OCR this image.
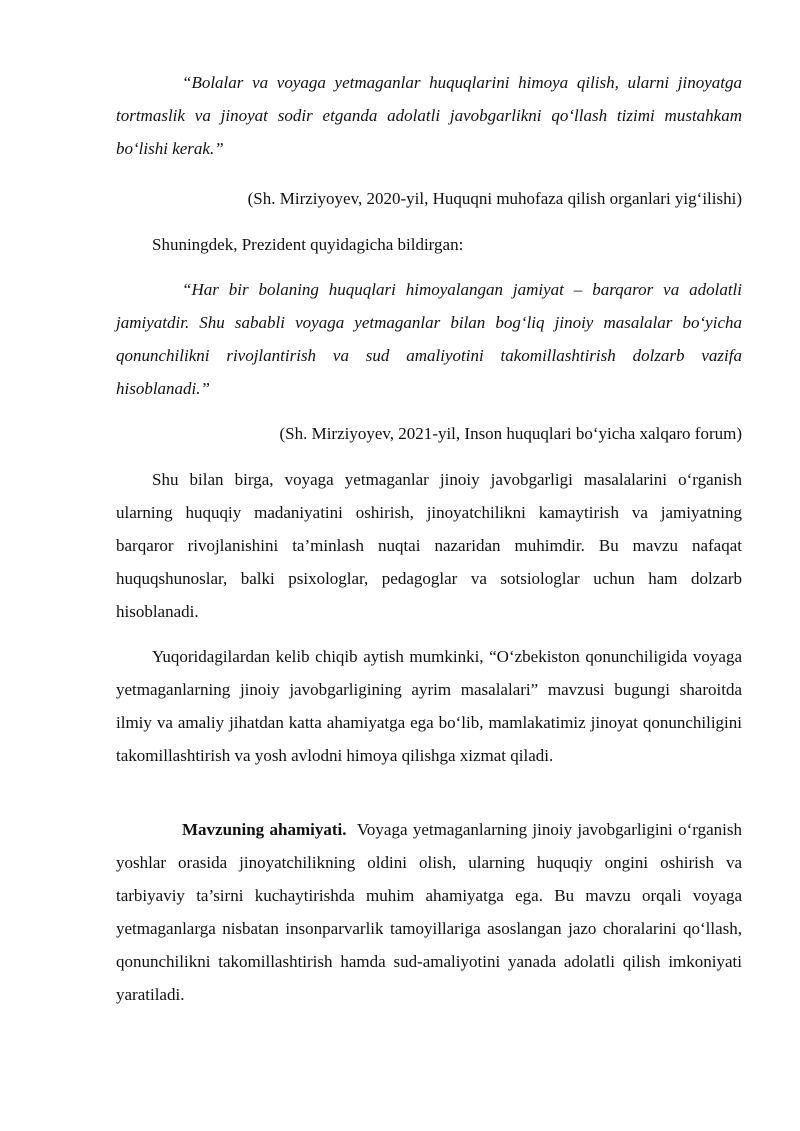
“Bolalar va voyaga yetmaganlar huquqlarini himoya qilish, ularni jinoyatga tortmaslik va jinoyat sodir etganda adolatli javobgarlikni qo‘llash tizimi mustahkam bo‘lishi kerak.”

(Sh. Mirziyoyev, 2020-yil, Huquqni muhofaza qilish organlari yig‘ilishi)

Shuningdek, Prezident quyidagicha bildirgan:

“Har bir bolaning huquqlari himoyalangan jamiyat – barqaror va adolatli jamiyatdir. Shu sababli voyaga yetmaganlar bilan bog‘liq jinoiy masalalar bo‘yicha qonunchilikni rivojlantirish va sud amaliyotini takomillashtirish dolzarb vazifa hisoblanadi.”

(Sh. Mirziyoyev, 2021-yil, Inson huquqlari bo‘yicha xalqaro forum)

Shu bilan birga, voyaga yetmaganlar jinoiy javobgarligi masalalarini o‘rganish ularning huquqiy madaniyatini oshirish, jinoyatchilikni kamaytirish va jamiyatning barqaror rivojlanishini ta’minlash nuqtai nazaridan muhimdir. Bu mavzu nafaqat huquqshunoslar, balki psixologlar, pedagoglar va sotsiologlar uchun ham dolzarb hisoblanadi.

Yuqoridagilardan kelib chiqib aytish mumkinki, “O‘zbekiston qonunchiligida voyaga yetmaganlarning jinoiy javobgarligining ayrim masalalari” mavzusi bugungi sharoitda ilmiy va amaliy jihatdan katta ahamiyatga ega bo‘lib, mamlakatimiz jinoyat qonunchiligini takomillashtirish va yosh avlodni himoya qilishga xizmat qiladi.

Mavzuning ahamiyati. Voyaga yetmaganlarning jinoiy javobgarligini o‘rganish yoshlar orasida jinoyatchilikning oldini olish, ularning huquqiy ongini oshirish va tarbiyaviy ta’sirni kuchaytirishda muhim ahamiyatga ega. Bu mavzu orqali voyaga yetmaganlarga nisbatan insonparvarlik tamoyillariga asoslangan jazo choralarini qo‘llash, qonunchilikni takomillashtirish hamda sud-amaliyotini yanada adolatli qilish imkoniyati yaratiladi.
